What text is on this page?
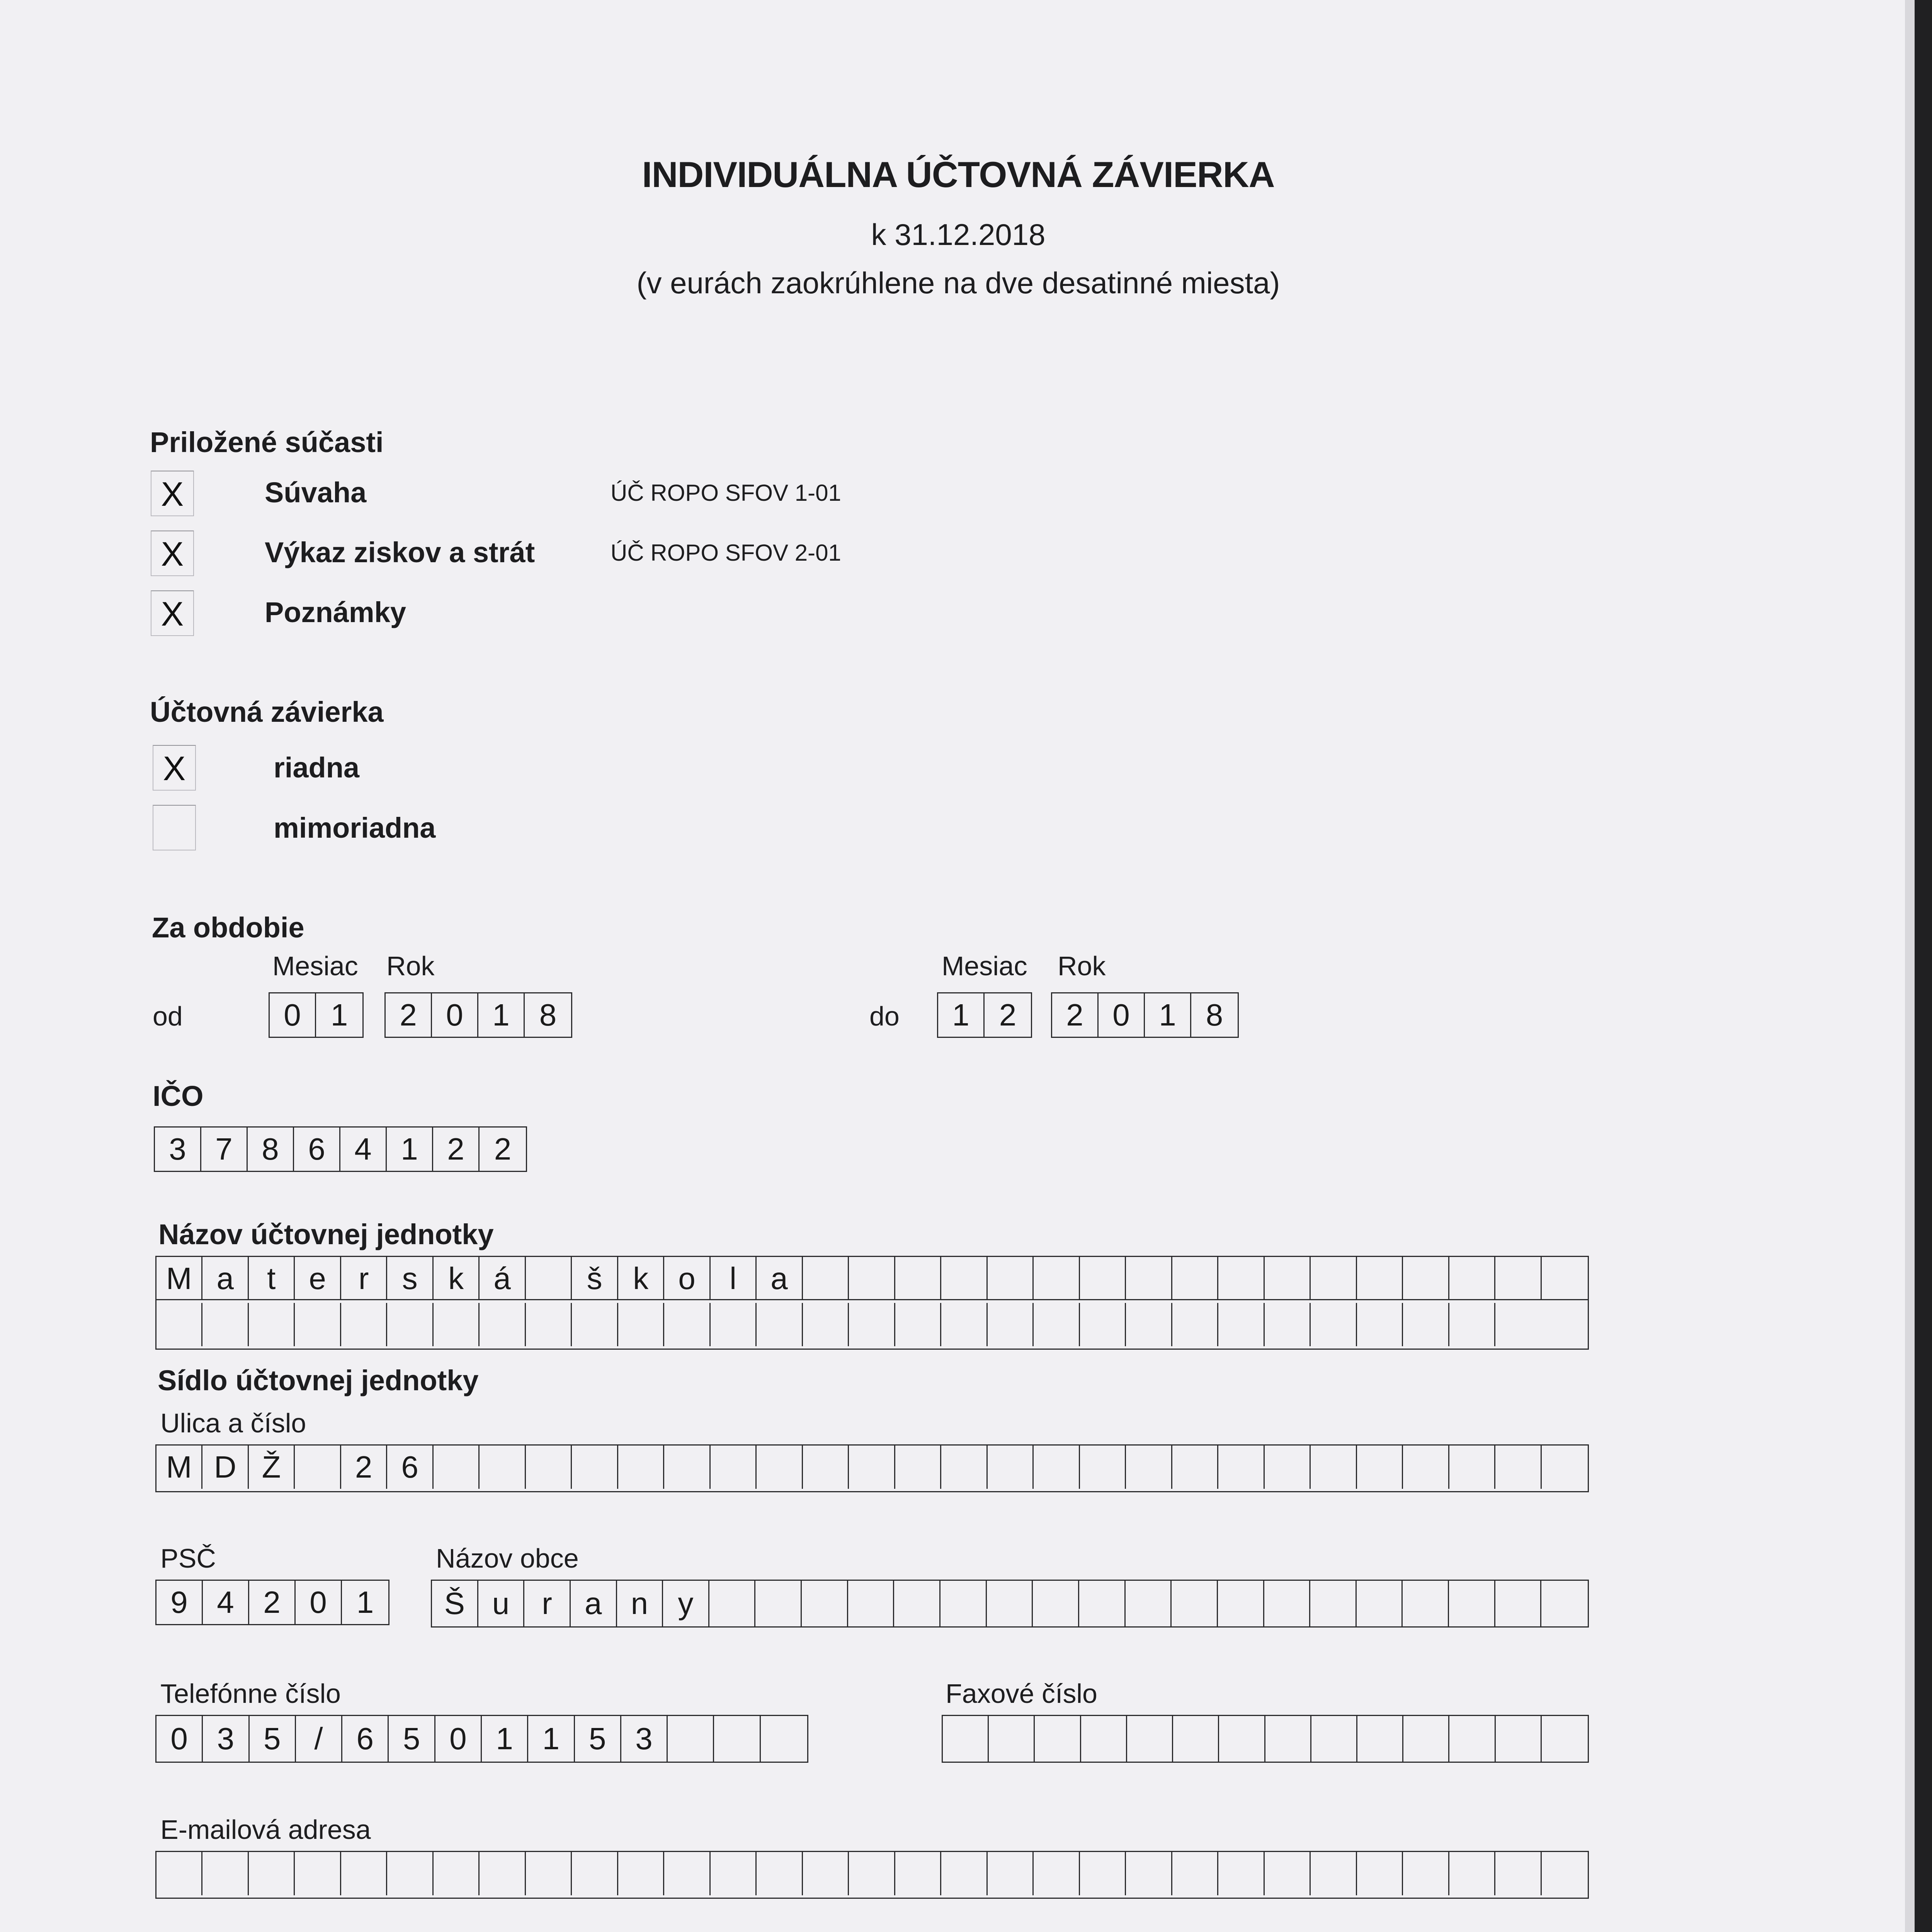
INDIVIDUÁLNA ÚČTOVNÁ ZÁVIERKA
k 31.12.2018
(v eurách zaokrúhlene na dve desatinné miesta)
Priložené súčasti
X	Súvaha	ÚČ ROPO SFOV 1-01
X	Výkaz ziskov a strát	ÚČ ROPO SFOV 2-01
X	Poznámky
Účtovná závierka
X	riadna
mimoriadna
Za obdobie
Mesiac Rok
od	0 1	2 0 1 8
Mesiac Rok
do	1 2	2 0 1 8
IČO
3 7 8 6 4 1 2 2
Názov účtovnej jednotky
M a	t	e	r	s k á	š k o	l	a
Sídlo účtovnej jednotky
Ulica a číslo
M D Ž	2 6
PSČ
9 4 2 0 1
Názov obce
Š u	r	a n y
Telefónne číslo
0 3 5	/	6 5 0 1 1 5 3
Faxové číslo
E-mailová adresa
